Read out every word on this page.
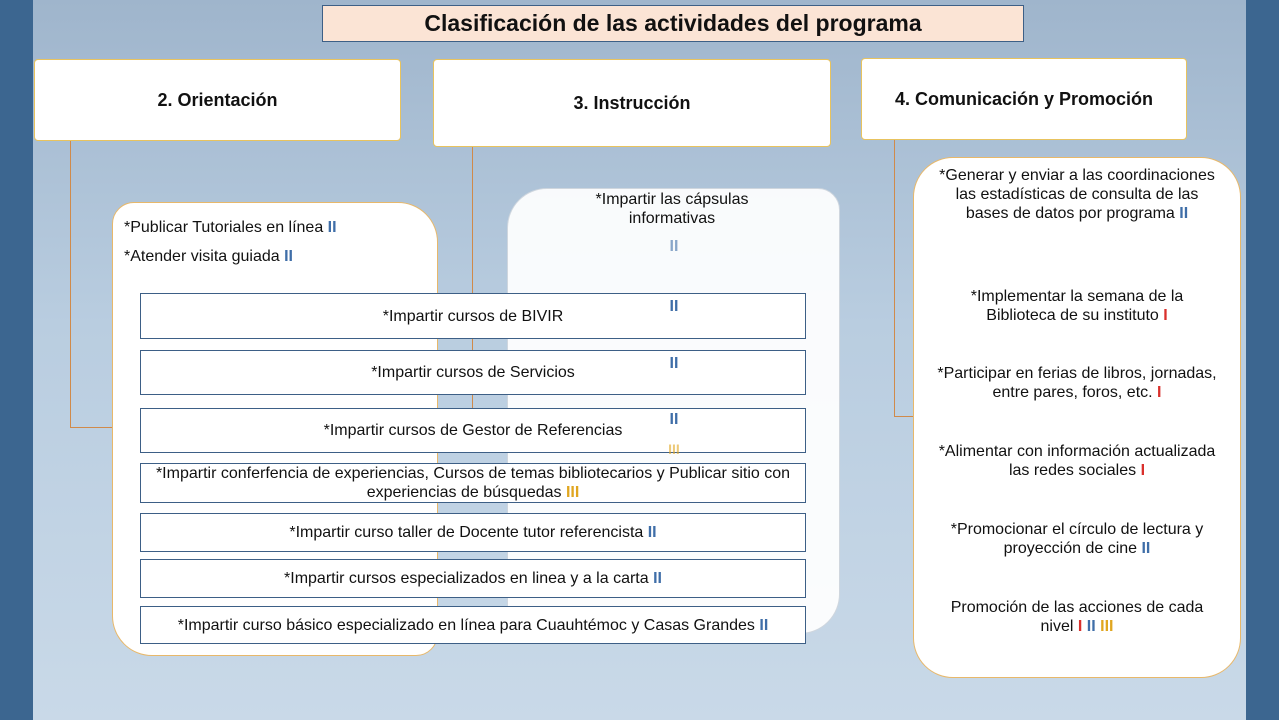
Clasificación de las actividades del programa
2. Orientación	3. Instrucción	4. Comunicación y Promoción
*Publicar Tutoriales en línea II
*Atender visita guiada II
*Impartir las cápsulas informativas
II
*Impartir cursos de BIVIR
*Impartir cursos de Servicios
*Impartir cursos de Gestor de Referencias
*Impartir conferfencia de experiencias, Cursos de temas bibliotecarios y Publicar sitio con experiencias de búsquedas III
*Impartir curso taller de Docente tutor referencista II
*Impartir cursos especializados en linea y a la carta II
*Impartir curso básico especializado en línea para Cuauhtémoc y Casas Grandes II
II
II
II
III
*Generar y enviar a las coordinaciones las estadísticas de consulta de las bases de datos por programa II
*Implementar la semana de la Biblioteca de su instituto I
*Participar en ferias de libros, jornadas, entre pares, foros, etc. I
*Alimentar con información actualizada las redes sociales I
*Promocionar el círculo de lectura y proyección de cine II
Promoción de las acciones de cada nivel I II III
